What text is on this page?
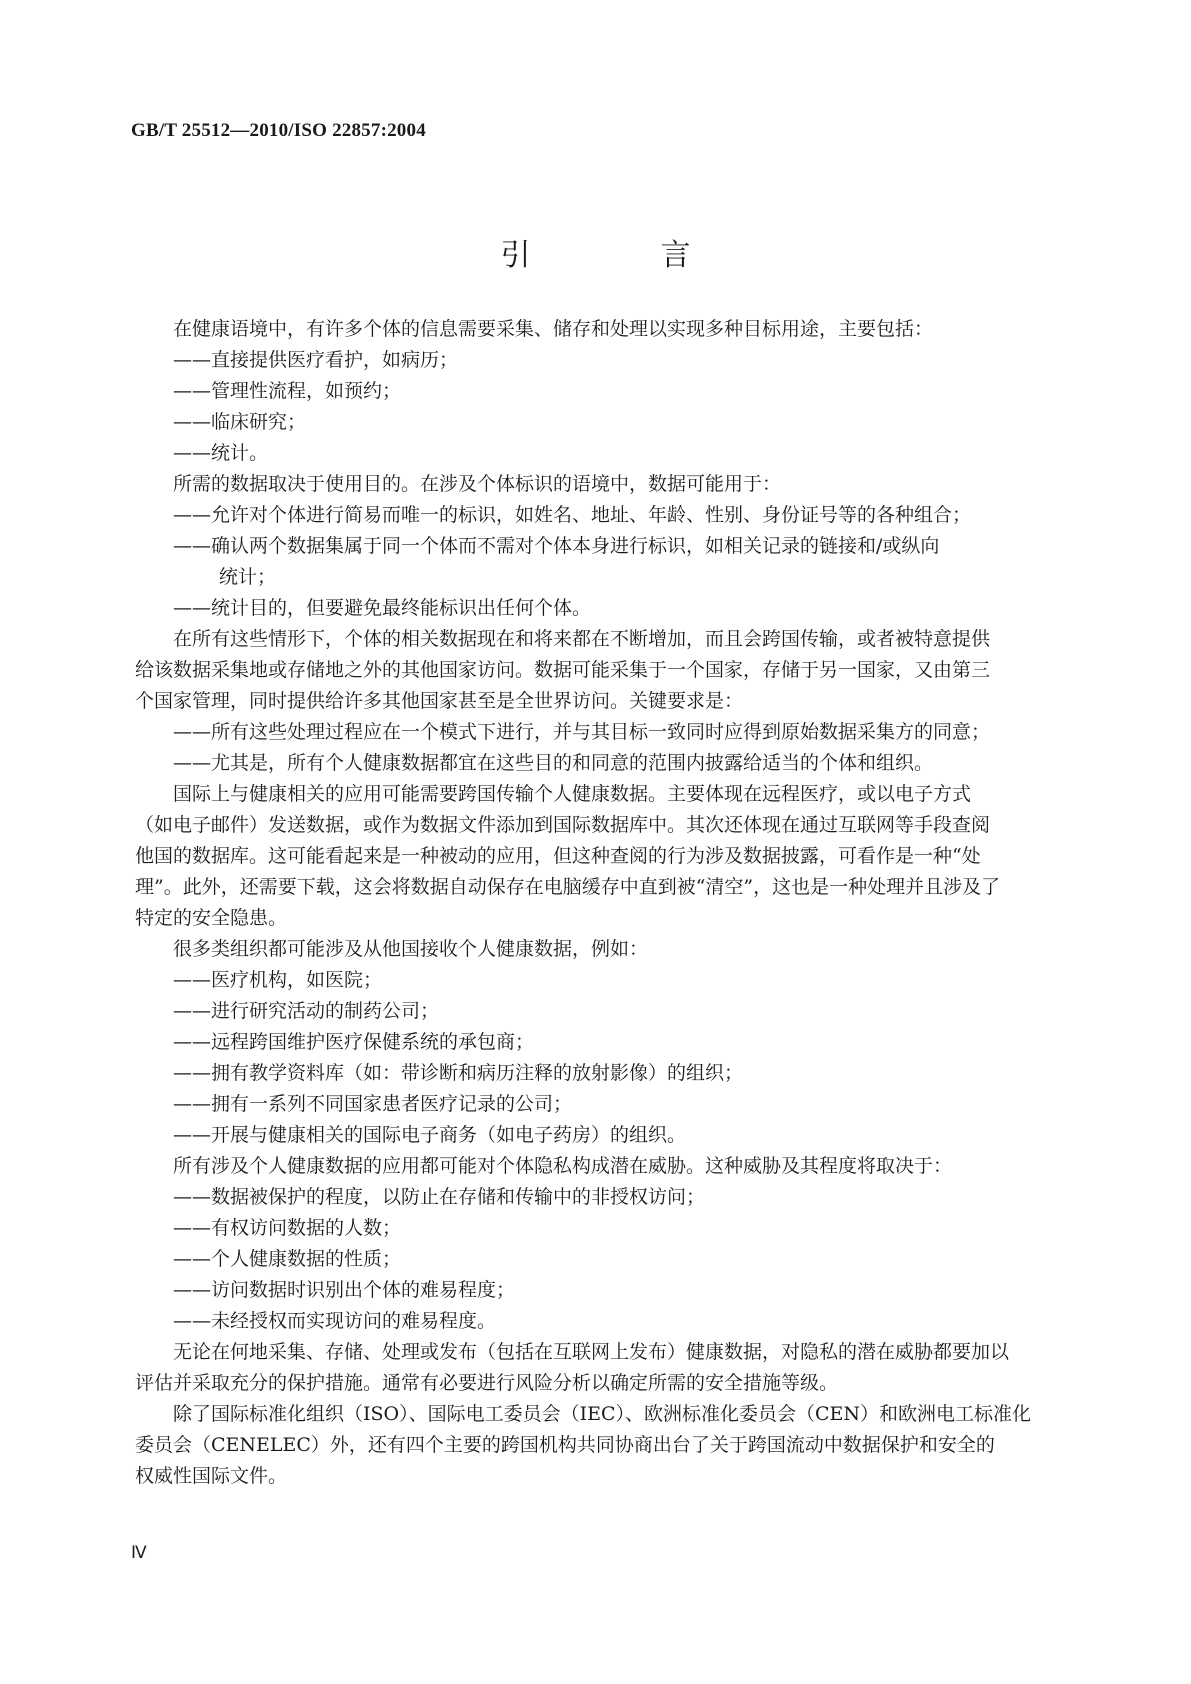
GB/T 25512—2010/ISO 22857:2004
引　言
在健康语境中，有许多个体的信息需要采集、储存和处理以实现多种目标用途，主要包括：
——直接提供医疗看护，如病历；
——管理性流程，如预约；
——临床研究；
——统计。
所需的数据取决于使用目的。在涉及个体标识的语境中，数据可能用于：
——允许对个体进行简易而唯一的标识，如姓名、地址、年龄、性别、身份证号等的各种组合；
——确认两个数据集属于同一个体而不需对个体本身进行标识，如相关记录的链接和/或纵向
统计；
——统计目的，但要避免最终能标识出任何个体。
在所有这些情形下，个体的相关数据现在和将来都在不断增加，而且会跨国传输，或者被特意提供
给该数据采集地或存储地之外的其他国家访问。数据可能采集于一个国家，存储于另一国家，又由第三
个国家管理，同时提供给许多其他国家甚至是全世界访问。关键要求是：
——所有这些处理过程应在一个模式下进行，并与其目标一致同时应得到原始数据采集方的同意；
——尤其是，所有个人健康数据都宜在这些目的和同意的范围内披露给适当的个体和组织。
国际上与健康相关的应用可能需要跨国传输个人健康数据。主要体现在远程医疗，或以电子方式
（如电子邮件）发送数据，或作为数据文件添加到国际数据库中。其次还体现在通过互联网等手段查阅
他国的数据库。这可能看起来是一种被动的应用，但这种查阅的行为涉及数据披露，可看作是一种“处
理”。此外，还需要下载，这会将数据自动保存在电脑缓存中直到被“清空”，这也是一种处理并且涉及了
特定的安全隐患。
很多类组织都可能涉及从他国接收个人健康数据，例如：
——医疗机构，如医院；
——进行研究活动的制药公司；
——远程跨国维护医疗保健系统的承包商；
——拥有教学资料库（如：带诊断和病历注释的放射影像）的组织；
——拥有一系列不同国家患者医疗记录的公司；
——开展与健康相关的国际电子商务（如电子药房）的组织。
所有涉及个人健康数据的应用都可能对个体隐私构成潜在威胁。这种威胁及其程度将取决于：
——数据被保护的程度，以防止在存储和传输中的非授权访问；
——有权访问数据的人数；
——个人健康数据的性质；
——访问数据时识别出个体的难易程度；
——未经授权而实现访问的难易程度。
无论在何地采集、存储、处理或发布（包括在互联网上发布）健康数据，对隐私的潜在威胁都要加以
评估并采取充分的保护措施。通常有必要进行风险分析以确定所需的安全措施等级。
除了国际标准化组织（ISO）、国际电工委员会（IEC）、欧洲标准化委员会（CEN）和欧洲电工标准化
委员会（CENELEC）外，还有四个主要的跨国机构共同协商出台了关于跨国流动中数据保护和安全的
权威性国际文件。
Ⅳ
